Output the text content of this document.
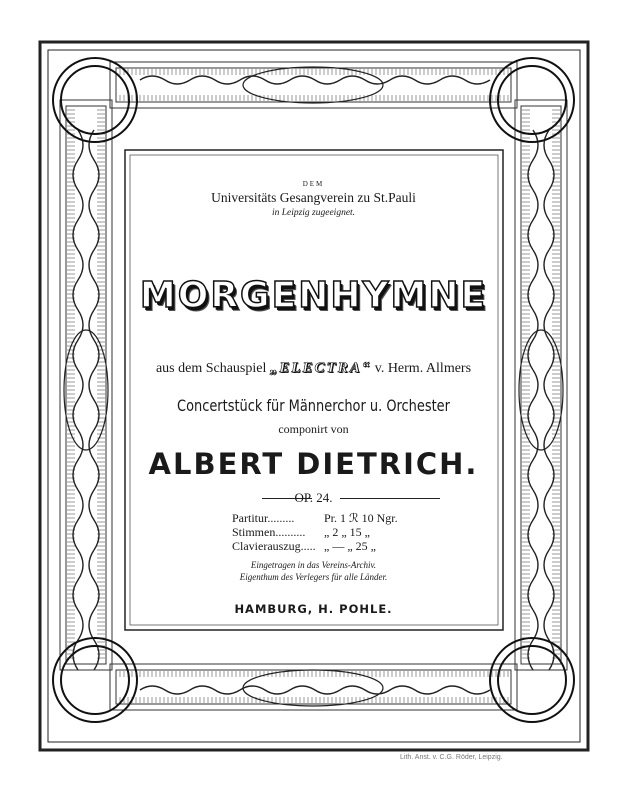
DEM
Universitäts Gesangverein zu St.Pauli
in Leipzig zugeeignet.
MORGENHYMNE
aus dem Schauspiel „ELECTRA“ v. Herm. Allmers
Concertstück für Männerchor u. Orchester
componirt von
ALBERT DIETRICH.
OP. 24.
Partitur.........	Pr. 1 ℛ 10 Ngr.
Stimmen..........	„ 2 „ 15 „
Clavierauszug..... „ — „ 25 „
Eingetragen in das Vereins-Archiv.
Eigenthum des Verlegers für alle Länder.
HAMBURG, H. POHLE.
Lith. Anst. v. C.G. Röder, Leipzig.
